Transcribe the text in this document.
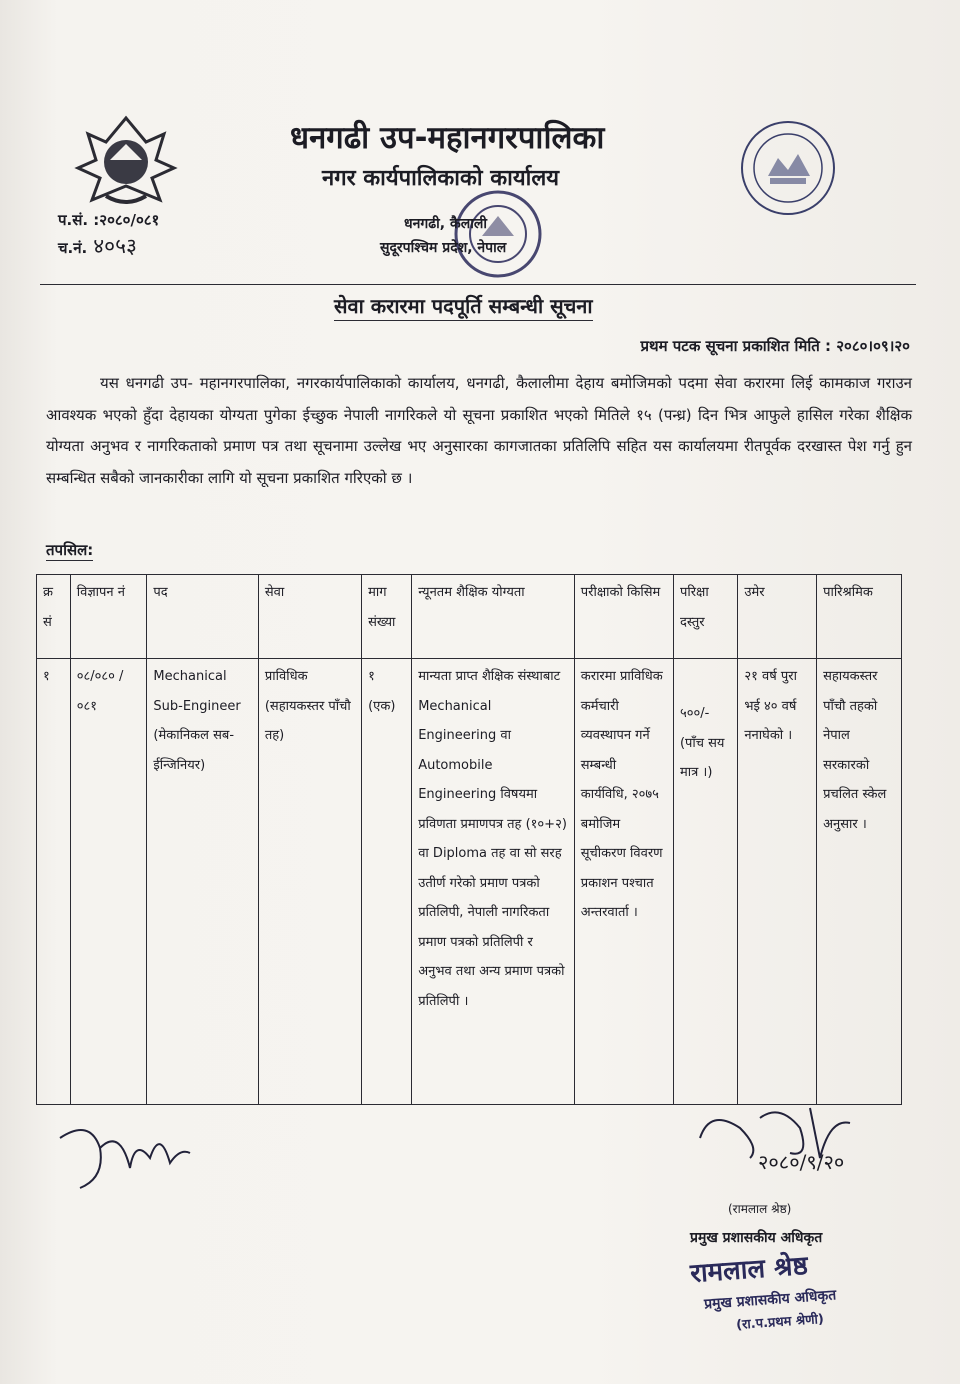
धनगढी उप-महानगरपालिका
नगर कार्यपालिकाको कार्यालय
धनगढी, कैलाली
सुदूरपश्चिम प्रदेश, नेपाल
प.सं. :२०८०/०८१
च.नं. ४०५३
सेवा करारमा पदपूर्ति सम्बन्धी सूचना
प्रथम पटक सूचना प्रकाशित मिति : २०८०।०९।२०
यस धनगढी उप- महानगरपालिका, नगरकार्यपालिकाको कार्यालय, धनगढी, कैलालीमा देहाय बमोजिमको पदमा सेवा करारमा लिई कामकाज गराउन आवश्यक भएको हुँदा देहायका योग्यता पुगेका ईच्छुक नेपाली नागरिकले यो सूचना प्रकाशित भएको मितिले १५ (पन्ध्र) दिन भित्र आफुले हासिल गरेका शैक्षिक योग्यता अनुभव र नागरिकताको प्रमाण पत्र तथा सूचनामा उल्लेख भए अनुसारका कागजातका प्रतिलिपि सहित यस कार्यालयमा रीतपूर्वक दरखास्त पेश गर्नु हुन सम्बन्धित सबैको जानकारीका लागि यो सूचना प्रकाशित गरिएको छ ।
तपसिल:
क्र सं	विज्ञापन नं	पद	सेवा	माग संख्या	न्यूनतम शैक्षिक योग्यता	परीक्षाको किसिम	परिक्षा दस्तुर	उमेर	पारिश्रमिक
१	०८/०८० /०८१	Mechanical Sub-Engineer (मेकानिकल सब-ईन्जिनियर)	प्राविधिक (सहायकस्तर पाँचौ तह)	१ (एक)	मान्यता प्राप्त शैक्षिक संस्थाबाट Mechanical Engineering वा Automobile Engineering विषयमा प्रविणता प्रमाणपत्र तह (१०+२) वा Diploma तह वा सो सरह उतीर्ण गरेको प्रमाण पत्रको प्रतिलिपी, नेपाली नागरिकता प्रमाण पत्रको प्रतिलिपी र अनुभव तथा अन्य प्रमाण पत्रको प्रतिलिपी ।	करारमा प्राविधिक कर्मचारी व्यवस्थापन गर्ने सम्बन्धी कार्यविधि, २०७५ बमोजिम सूचीकरण विवरण प्रकाशन पश्चात अन्तरवार्ता ।	५००/- (पाँच सय मात्र ।)	२१ वर्ष पुरा भई ४० वर्ष ननाघेको ।	सहायकस्तर पाँचौ तहको नेपाल सरकारको प्रचलित स्केल अनुसार ।
२०८०/९/२०
(रामलाल श्रेष्ठ)
प्रमुख प्रशासकीय अधिकृत
रामलाल श्रेष्ठ
प्रमुख प्रशासकीय अधिकृत
(रा.प.प्रथम श्रेणी)
